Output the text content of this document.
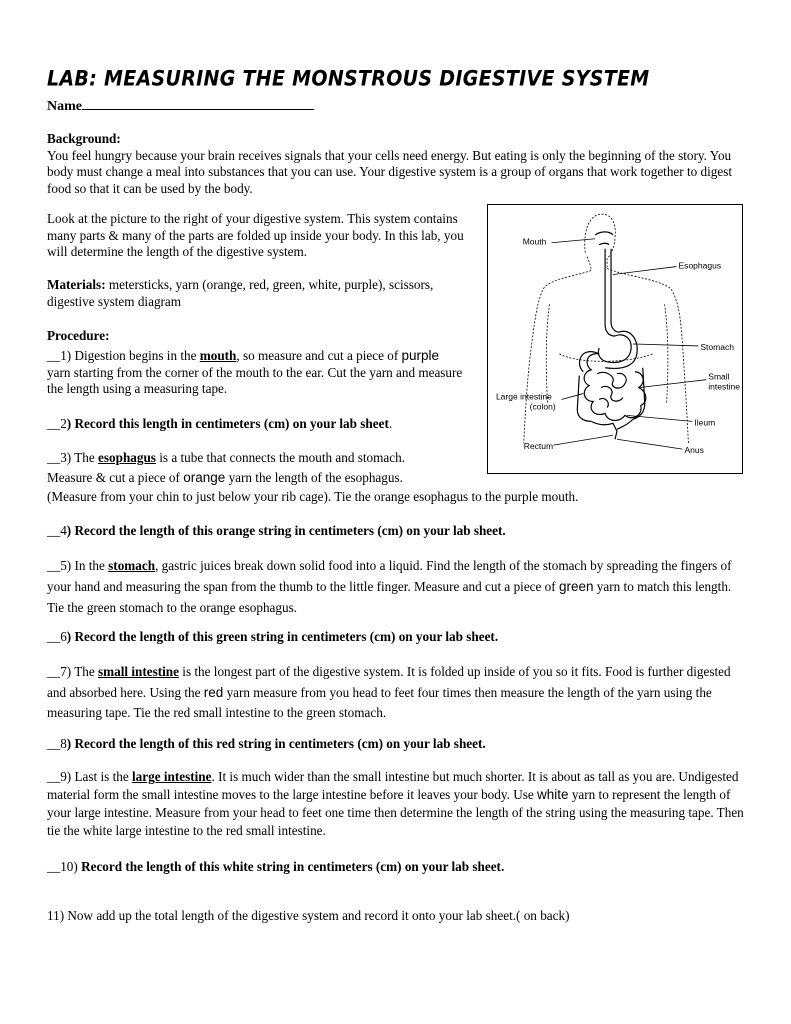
LAB: MEASURING THE MONSTROUS DIGESTIVE SYSTEM
Name

Background:

You feel hungry because your brain receives signals that your cells need energy. But eating is only the beginning of the story. You body must change a meal into substances that you can use. Your digestive system is a group of organs that work together to digest food so that it can be used by the body.

Look at the picture to the right of your digestive system. This system contains many parts & many of the parts are folded up inside your body. In this lab, you will determine the length of the digestive system.

Materials: metersticks, yarn (orange, red, green, white, purple), scissors, digestive system diagram

Procedure:

__1) Digestion begins in the mouth, so measure and cut a piece of purple
yarn starting from the corner of the mouth to the ear. Cut the yarn and measure the length using a measuring tape.

__2) Record this length in centimeters (cm) on your lab sheet.

__3) The esophagus is a tube that connects the mouth and stomach.
Measure & cut a piece of orange yarn the length of the esophagus.
(Measure from your chin to just below your rib cage). Tie the orange esophagus to the purple mouth.

__4) Record the length of this orange string in centimeters (cm) on your lab sheet.

__5) In the stomach, gastric juices break down solid food into a liquid. Find the length of the stomach by spreading the fingers of your hand and measuring the span from the thumb to the little finger. Measure and cut a piece of green yarn to match this length. Tie the green stomach to the orange esophagus.

__6) Record the length of this green string in centimeters (cm) on your lab sheet.

__7) The small intestine is the longest part of the digestive system. It is folded up inside of you so it fits. Food is further digested and absorbed here. Using the red yarn measure from you head to feet four times then measure the length of the yarn using the measuring tape. Tie the red small intestine to the green stomach.

__8) Record the length of this red string in centimeters (cm) on your lab sheet.

__9) Last is the large intestine. It is much wider than the small intestine but much shorter. It is about as tall as you are. Undigested material form the small intestine moves to the large intestine before it leaves your body. Use white yarn to represent the length of your large intestine. Measure from your head to feet one time then determine the length of the string using the measuring tape. Then tie the white large intestine to the red small intestine.

__10) Record the length of this white string in centimeters (cm) on your lab sheet.

11) Now add up the total length of the digestive system and record it onto your lab sheet.( on back)

Mouth
Esophagus
Stomach
Small
intestine
Large intestine
(colon)
Ileum
Rectum	Anus
